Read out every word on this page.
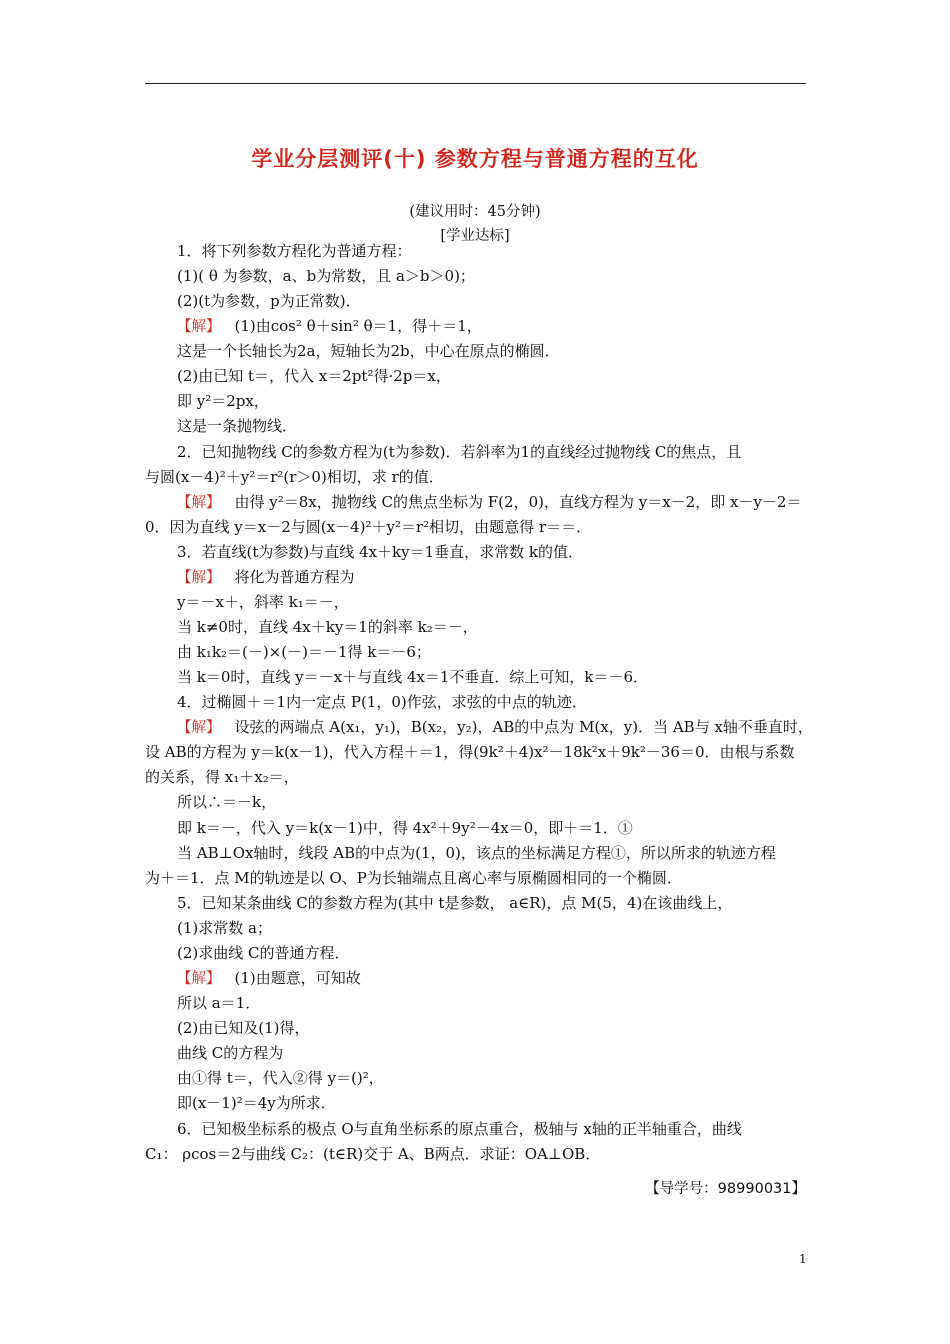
学业分层测评(十) 参数方程与普通方程的互化
(建议用时：45分钟)
[学业达标]
1．将下列参数方程化为普通方程：
(1)( θ 为参数，a、b为常数，且 a＞b＞0)；
(2)(t为参数，p为正常数)．
【解】 (1)由cos² θ＋sin² θ＝1，得＋＝1，
这是一个长轴长为2a，短轴长为2b，中心在原点的椭圆．
(2)由已知 t＝，代入 x＝2pt²得·2p＝x，
即 y²＝2px，
这是一条抛物线．
2．已知抛物线 C的参数方程为(t为参数)．若斜率为1的直线经过抛物线 C的焦点，且
与圆(x－4)²＋y²＝r²(r＞0)相切，求 r的值．
【解】 由得 y²＝8x，抛物线 C的焦点坐标为 F(2，0)，直线方程为 y＝x－2，即 x－y－2＝
0．因为直线 y＝x－2与圆(x－4)²＋y²＝r²相切，由题意得 r＝＝．
3．若直线(t为参数)与直线 4x＋ky＝1垂直，求常数 k的值．
【解】 将化为普通方程为
y＝－x＋，斜率 k₁＝－，
当 k≠0时，直线 4x＋ky＝1的斜率 k₂＝－，
由 k₁k₂＝(－)×(－)＝－1得 k＝－6；
当 k＝0时，直线 y＝－x＋与直线 4x＝1不垂直．综上可知，k＝－6．
4．过椭圆＋＝1内一定点 P(1，0)作弦，求弦的中点的轨迹．
【解】 设弦的两端点 A(x₁，y₁)，B(x₂，y₂)，AB的中点为 M(x，y)．当 AB与 x轴不垂直时，
设 AB的方程为 y＝k(x－1)，代入方程＋＝1，得(9k²＋4)x²－18k²x＋9k²－36＝0．由根与系数
的关系，得 x₁＋x₂＝，
所以∴＝－k，
即 k＝－，代入 y＝k(x－1)中，得 4x²＋9y²－4x＝0，即＋＝1．①
当 AB⊥Ox轴时，线段 AB的中点为(1，0)，该点的坐标满足方程①，所以所求的轨迹方程
为＋＝1．点 M的轨迹是以 O、P为长轴端点且离心率与原椭圆相同的一个椭圆．
5．已知某条曲线 C的参数方程为(其中 t是参数， a∈R)，点 M(5，4)在该曲线上，
(1)求常数 a；
(2)求曲线 C的普通方程．
【解】 (1)由题意，可知故
所以 a＝1．
(2)由已知及(1)得，
曲线 C的方程为
由①得 t＝，代入②得 y＝()²，
即(x－1)²＝4y为所求．
6．已知极坐标系的极点 O与直角坐标系的原点重合，极轴与 x轴的正半轴重合，曲线
C₁： ρcos＝2与曲线 C₂：(t∈R)交于 A、B两点．求证：OA⊥OB．
【导学号：98990031】
1
